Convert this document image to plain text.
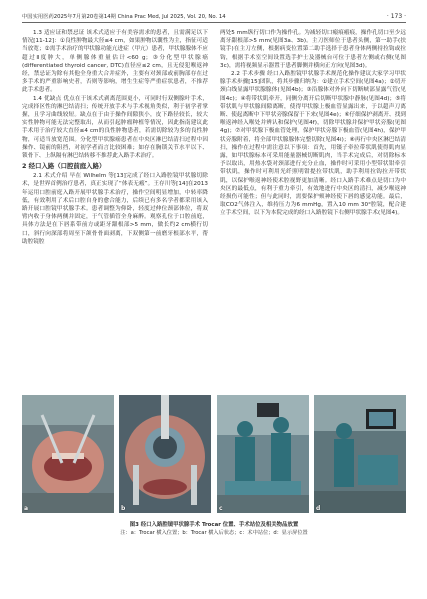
中国实用医药2025年7月第20卷第14期 China Prac Med, Jul 2025, Vol. 20, No. 14	· 173 ·

1.3 适应证和禁忌证 该术式适应于有美容需求的患者，且需满足以下情况[11-12]：①良性肿物最大径≤4 cm，如果肿物以囊性为主，指征可适当放宽；②需手术治疗的甲状腺功能亢进症（甲亢）患者，甲状腺腺体不应超过Ⅱ度肿大，单侧腺体重量估计<60 g；③分化型甲状腺癌(differentiated thyroid cancer, DTC)直径应≤2 cm，且无侵犯喉返神经，禁忌证为除有其他全身重大合并症外，主要有对颈部或前胸部存在过多手术的严重影响史者，否则等影响，增生生症等严重症状患者，不推荐此手术患者。

1.4 优缺点 优点在于该术式剥离范围更小，可同时行双侧腺叶手术，完成择区性的淋巴结清扫；传统开放手术与手术视角类似，利于初学者掌握，且学习曲线较短。缺点在于由于操作间隙狭小，皮下路径较长，较大实性肿物可能无法完整取出，从而引起肿瘤种植等情况，因此指南建议此手术用于治疗较大直径≤4 cm的良性肿物患者，若需切除较为多的良性肿物，可适当放宽范围。分化型甲状腺癌患者在中央区淋巴结清扫过程中因操作、镜前的阻挡，对初学者而言比较困难；如存在胸锁关节水平以下、锁骨下、上纵隔有淋巴结转移不推荐此入路手术治疗。

2 经口入路（口腔前庭入路）

2.1 术式介绍 早在 Wilhelm 等[13]完成了经口入路腔镜甲状腺切除术，是世界首例治疗患者，真正实现了“体表无瘢”。王存川等[14]在2013年运用口腔前庭入路开展甲状腺手术治疗，操作空间明显增加，中转率降低，有效利用了术后口腔自身的愈合能力，后续已有多名学者都采用该入路开展口腔镜甲状腺手术。患者调整为仰卧，轻度过伸位颈部体位，将双臂内收于身体两侧并固定，于气管插管全身麻醉。观察孔位于口腔前庭，具体方法是在下唇系带前方或距牙龈根部>5 mm，做长约2 cm横行切口，斜行向深部将周至下颌骨骨面剥离，下双侧第一前磨牙根部水平，帮助腔镜腔

两处5 mm纵行切口作为操作孔。为减轻切口瘢痕瘢痕，操作孔切口至少远离牙龈根部>5 mm(见图3a、3b)。主刀医师位于患者头侧，第一助手(扶镜手)在主刀左侧，根据病变位置第二助手选择于患者身体两侧持拉钩或拉钩，根据手术室空间设置选手护士及器械台可位于患者左侧或右侧(见图3c)，需将视频显示器置于患者脚侧并横向正方向(见图3d)。

2.2 手术步骤 经口入路腔镜甲状腺手术规范化操作建议大家学习甲状腺手术步骤[15]团队，将其步骤归纳为：①建立手术空间(见图4a)；②切开颈白线显露甲状腺腺体(见图4b)；③沿腺体对外向下切断峡部显露气管(见图4c)；④将带状肌牵开，同侧分离开后切断甲状腺中静脉(见图4d)；⑤将带状肌与甲状腺间隙离断，使得甲状腺上极血管显露出来，于以超声刀离断、使起离断中下甲状旁腺保留于下来(见图4e)；⑥仔细保护剥离开、找到喉返神经入喉处并辨认和保护(见图4f)，切除甲状腺并保护甲状旁腺(见图4g)；⑦对甲状腺下极血管处理，保护甲状旁腺下极血管(见图4h)，保护甲状旁腺附着，将全部甲状腺腺体完整切除(见图4i)；⑧再行中央区淋巴结清扫，操作在过程中需注意以下事项：首先，用镊子牵拉带状肌使得肌肉显露，如甲状腺标本可采用能量器械切断肌肉，当手术完成后，对切除标本予以取出，用热水袋对颈部进行充分止血，操作时可采用小型带状钳牵引带状肌，操作时可利用光纤照明钳提拉带状肌，助手利用拉钩拉开带状肌，以保护喉返神经使术腔视野更加清晰。经口入路手术难点是切口为中央区的最低点，有利于重力牵引，有效地进行中央区的清扫，减少喉返神经损伤可能性；但与此同时，需要保护颏神经使下唇的感觉功能。最后，取CO2气体注入，维持压力为6 mmHg，置入10 mm 30°腔镜，配合建立手术空间，以下为本院完成的经口入路腔镜下右侧甲状腺手术(见图4)。

a	b	c	d
图3 经口入路腔镜甲状腺手术 Trocar 位置、手术站位及相关物品放置
注：a：Trocar 横入位置；b：Trocar 横入后状态；c：术中站位；d：显示屏位置
